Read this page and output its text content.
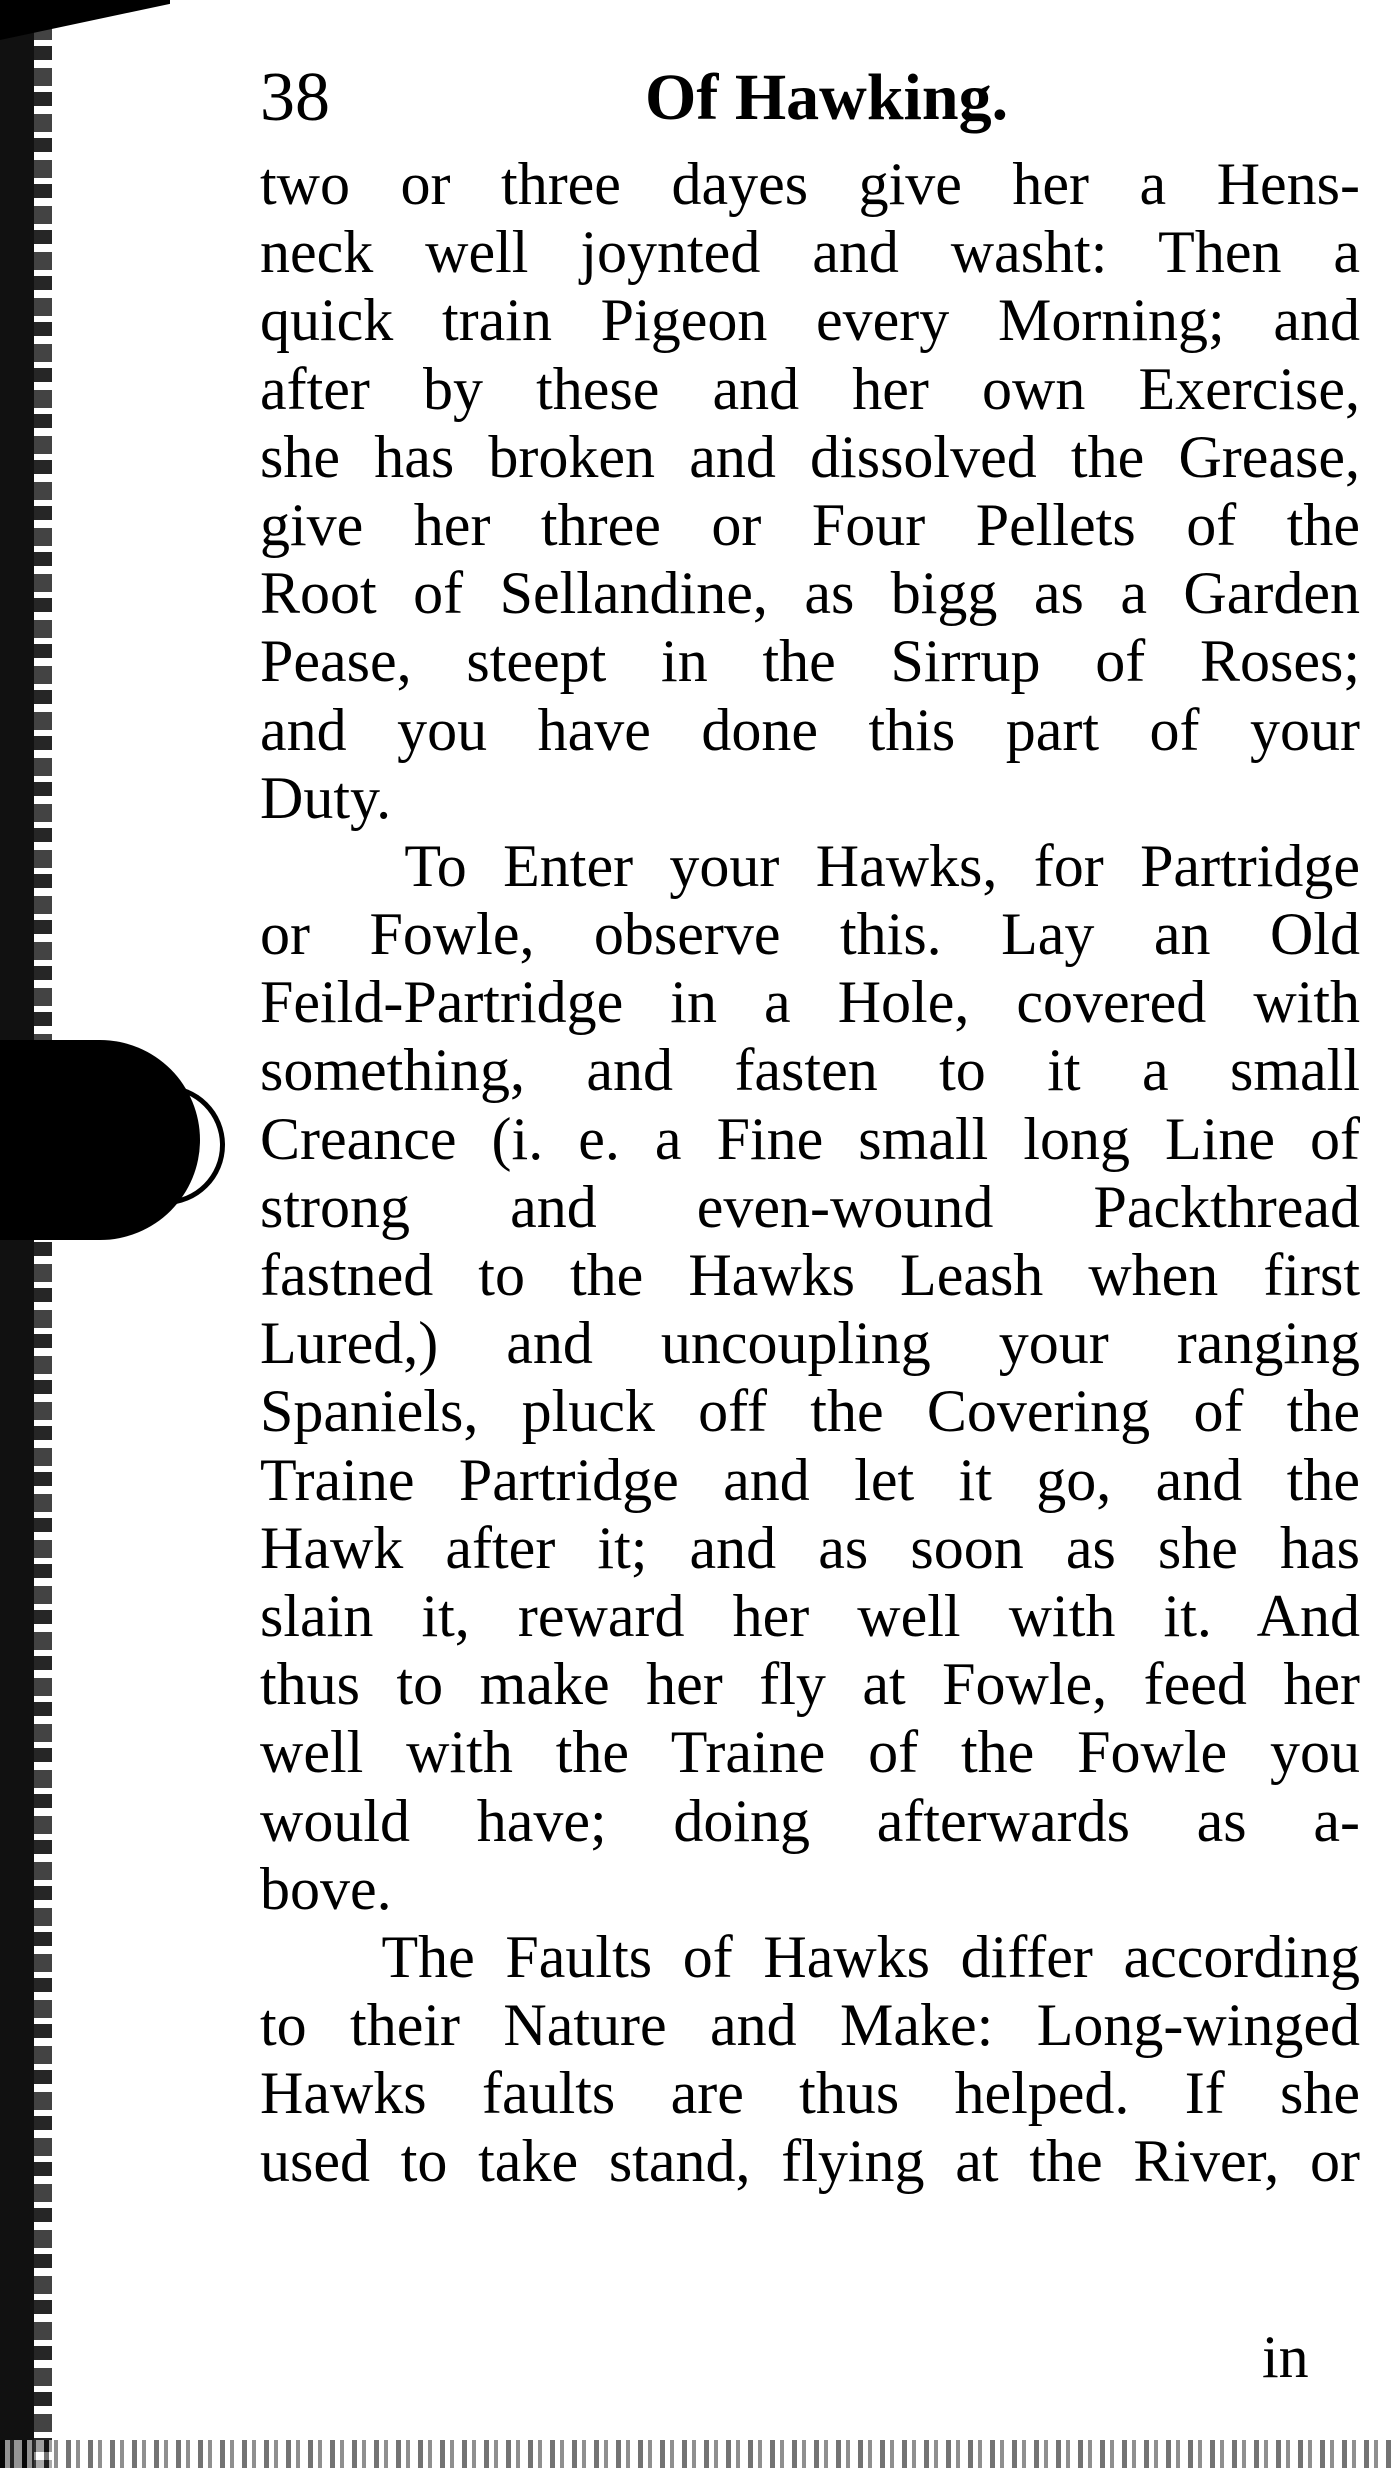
38	Of Hawking.
two or three dayes give her a Hens-
neck well joynted and washt: Then a
quick train Pigeon every Morning; and
after by these and her own Exercise,
she has broken and dissolved the Grease,
give her three or Four Pellets of the
Root of Sellandine, as bigg as a Garden
Pease, steept in the Sirrup of Roses;
and you have done this part of your
Duty.
To Enter your Hawks, for Partridge
or Fowle, observe this. Lay an Old
Feild-Partridge in a Hole, covered with
something, and fasten to it a small
Creance (i. e. a Fine small long Line of
strong and even-wound Packthread
fastned to the Hawks Leash when first
Lured,) and uncoupling your ranging
Spaniels, pluck off the Covering of the
Traine Partridge and let it go, and the
Hawk after it; and as soon as she has
slain it, reward her well with it. And
thus to make her fly at Fowle, feed her
well with the Traine of the Fowle you
would have; doing afterwards as a-
bove.
The Faults of Hawks differ according
to their Nature and Make: Long-winged
Hawks faults are thus helped. If she
used to take stand, flying at the River, or
in
